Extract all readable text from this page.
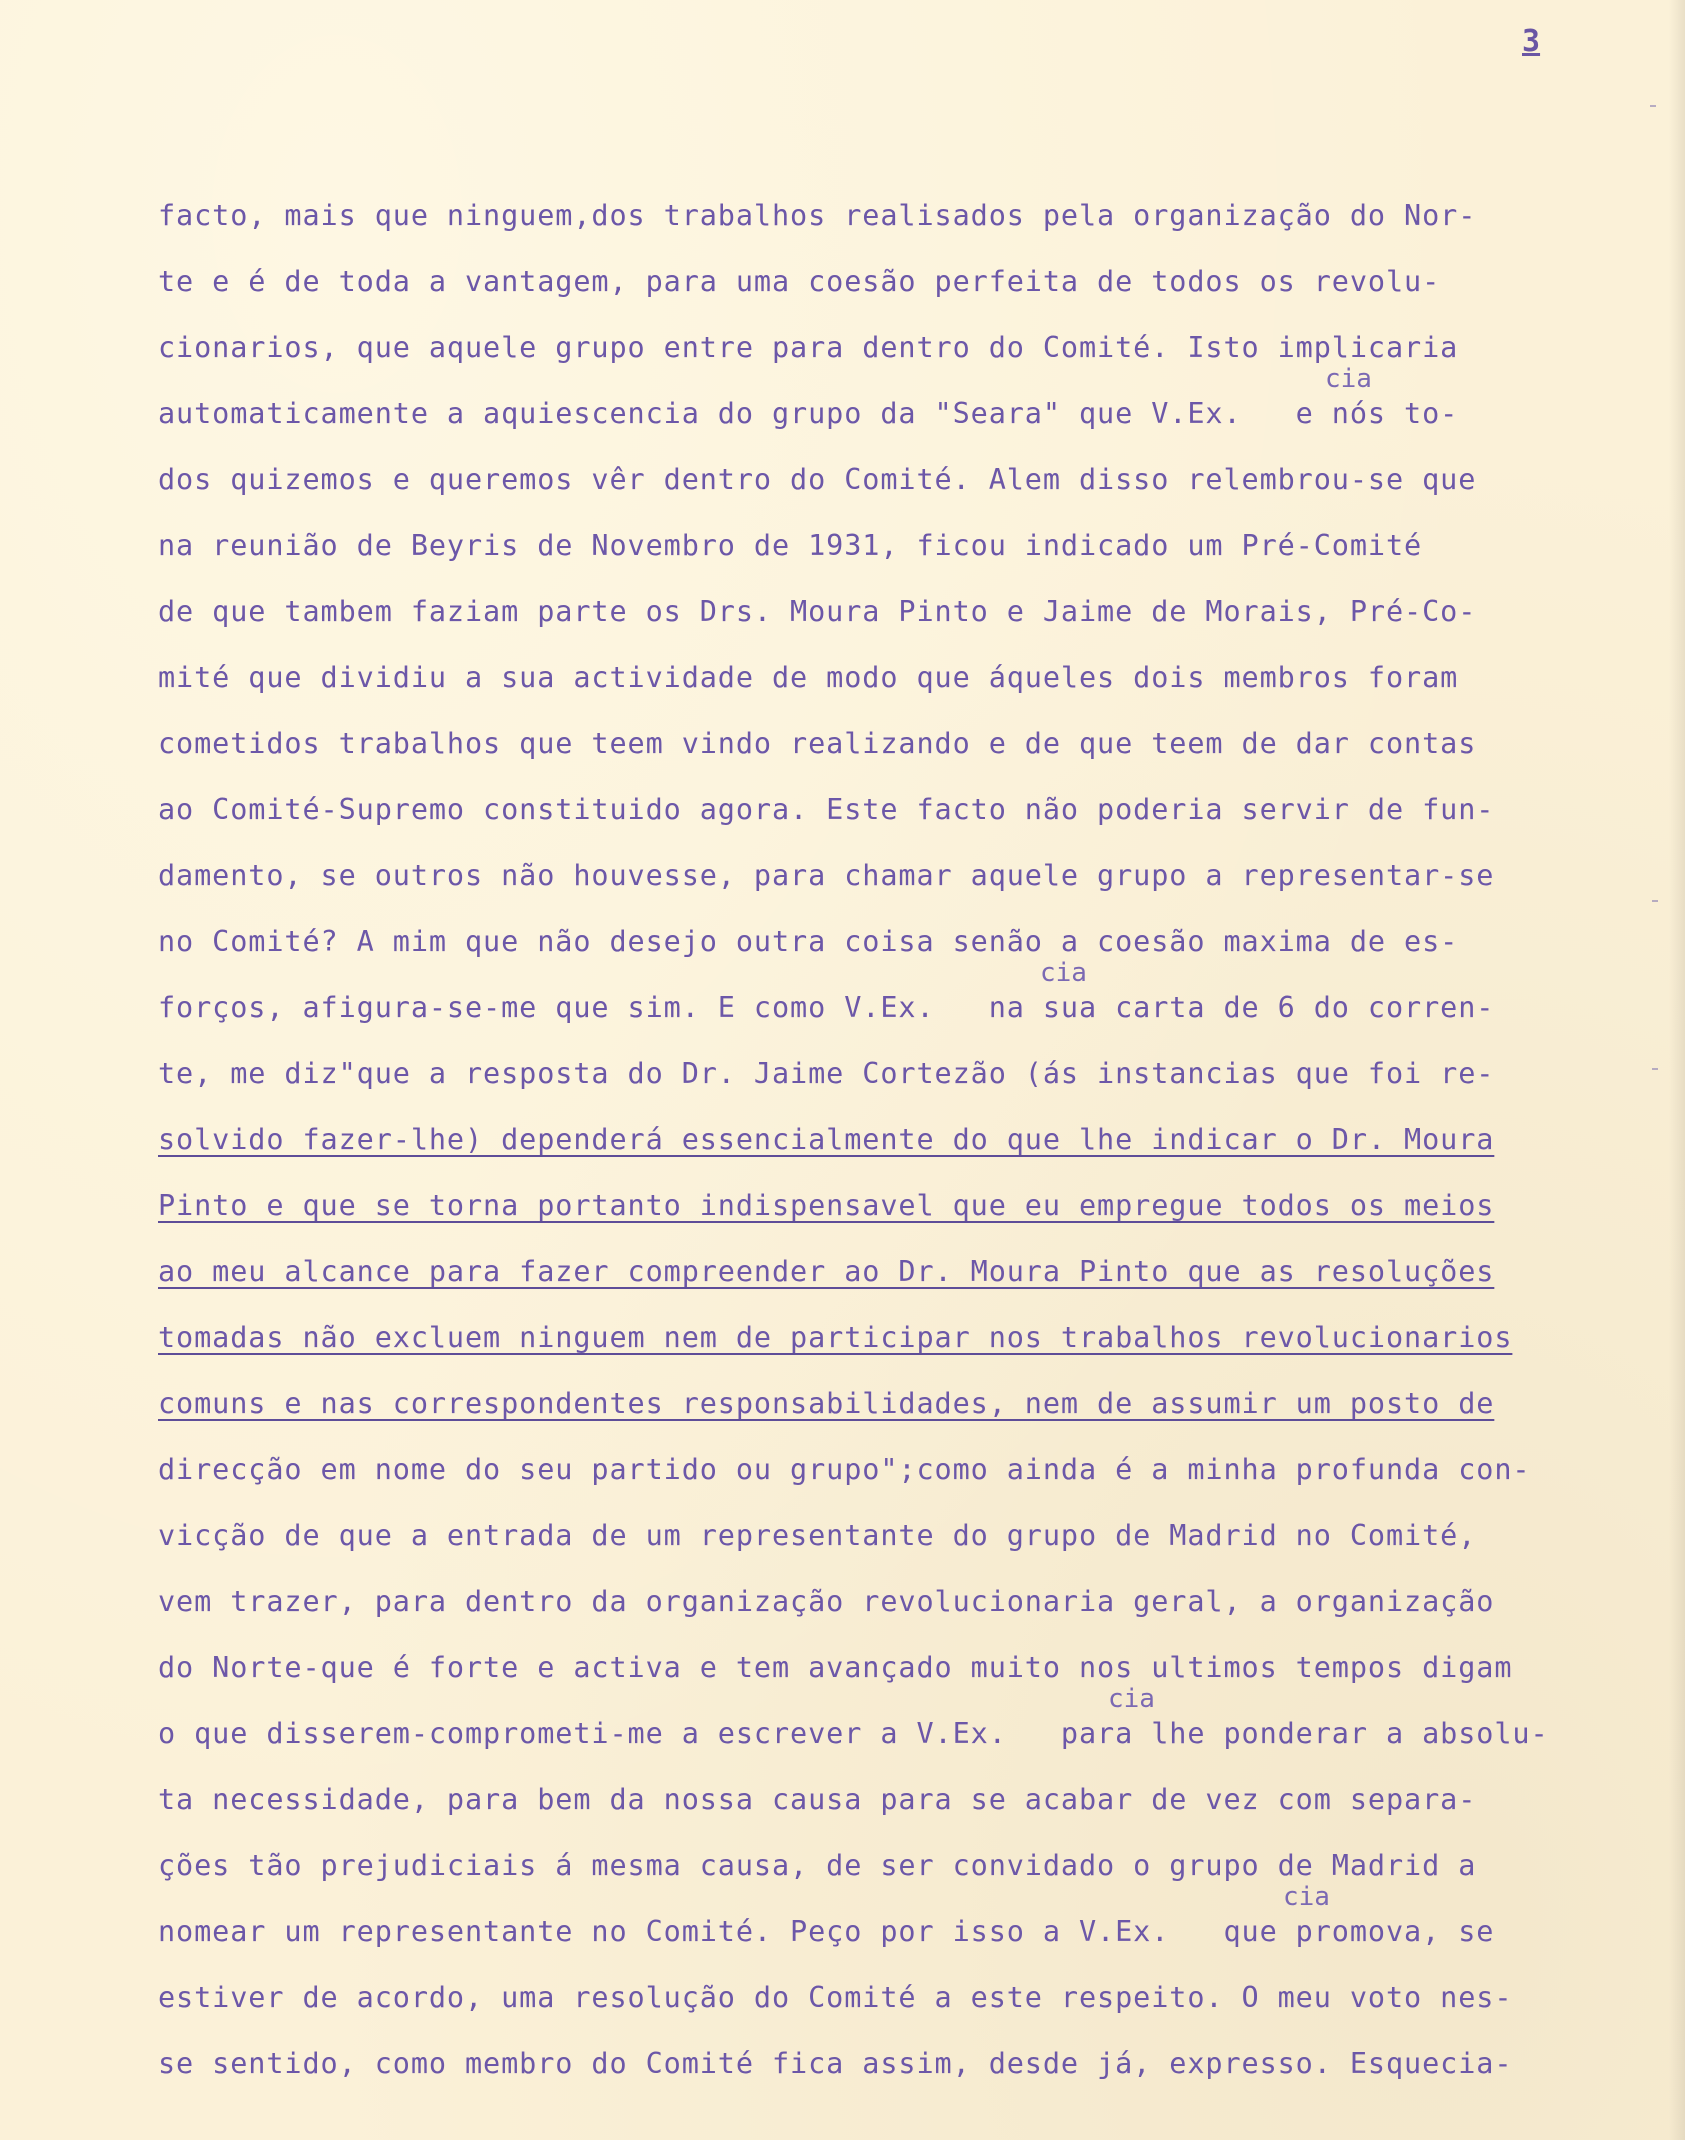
3
facto, mais que ninguem,dos trabalhos realisados pela organização do Nor-
te e é de toda a vantagem, para uma coesão perfeita de todos os revolu-
cionarios, que aquele grupo entre para dentro do Comité. Isto implicaria
cia
automaticamente a aquiescencia do grupo da "Seara" que V.Ex.   e nós to-
dos quizemos e queremos vêr dentro do Comité. Alem disso relembrou-se que
na reunião de Beyris de Novembro de 1931, ficou indicado um Pré-Comité
de que tambem faziam parte os Drs. Moura Pinto e Jaime de Morais, Pré-Co-
mité que dividiu a sua actividade de modo que áqueles dois membros foram
cometidos trabalhos que teem vindo realizando e de que teem de dar contas
ao Comité-Supremo constituido agora. Este facto não poderia servir de fun-
damento, se outros não houvesse, para chamar aquele grupo a representar-se
no Comité? A mim que não desejo outra coisa senão a coesão maxima de es-
cia
forços, afigura-se-me que sim. E como V.Ex.   na sua carta de 6 do corren-
te, me diz"que a resposta do Dr. Jaime Cortezão (ás instancias que foi re-
solvido fazer-lhe) dependerá essencialmente do que lhe indicar o Dr. Moura
Pinto e que se torna portanto indispensavel que eu empregue todos os meios
ao meu alcance para fazer compreender ao Dr. Moura Pinto que as resoluções
tomadas não excluem ninguem nem de participar nos trabalhos revolucionarios
comuns e nas correspondentes responsabilidades, nem de assumir um posto de
direcção em nome do seu partido ou grupo";como ainda é a minha profunda con-
vicção de que a entrada de um representante do grupo de Madrid no Comité,
vem trazer, para dentro da organização revolucionaria geral, a organização
do Norte-que é forte e activa e tem avançado muito nos ultimos tempos digam
cia
o que disserem-comprometi-me a escrever a V.Ex.   para lhe ponderar a absolu-
ta necessidade, para bem da nossa causa para se acabar de vez com separa-
ções tão prejudiciais á mesma causa, de ser convidado o grupo de Madrid a
cia
nomear um representante no Comité. Peço por isso a V.Ex.   que promova, se
estiver de acordo, uma resolução do Comité a este respeito. O meu voto nes-
se sentido, como membro do Comité fica assim, desde já, expresso. Esquecia-
